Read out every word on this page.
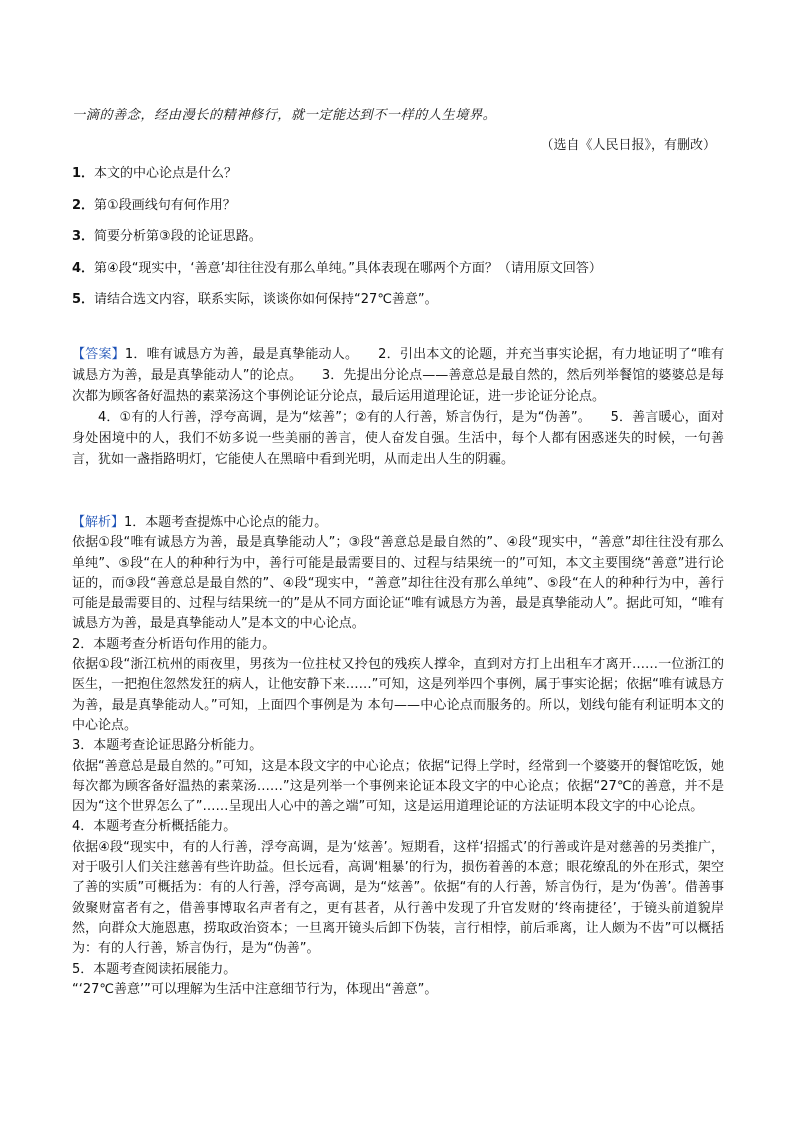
一滴的善念，经由漫长的精神修行，就一定能达到不一样的人生境界。
（选自《人民日报》，有删改）
1．本文的中心论点是什么？
2．第①段画线句有何作用？
3．简要分析第③段的论证思路。
4．第④段“现实中，‘善意’却往往没有那么单纯。”具体表现在哪两个方面？（请用原文回答）
5．请结合选文内容，联系实际，谈谈你如何保持“27℃善意”。

【答案】1．唯有诚恳方为善，最是真挚能动人。　　2．引出本文的论题，并充当事实论据，有力地证明了“唯有诚恳方为善，最是真挚能动人”的论点。　　3．先提出分论点——善意总是最自然的，然后列举餐馆的婆婆总是每次都为顾客备好温热的素菜汤这个事例论证分论点，最后运用道理论证，进一步论证分论点。

4．①有的人行善，浮夸高调，是为“炫善”；②有的人行善，矫言伪行，是为“伪善”。　　5．善言暖心，面对身处困境中的人，我们不妨多说一些美丽的善言，使人奋发自强。生活中，每个人都有困惑迷失的时候，一句善言，犹如一盏指路明灯，它能使人在黑暗中看到光明，从而走出人生的阴霾。

【解析】1．本题考查提炼中心论点的能力。

依据①段“唯有诚恳方为善，最是真挚能动人”；③段“善意总是最自然的”、④段“现实中，“善意”却往往没有那么单纯”、⑤段“在人的种种行为中，善行可能是最需要目的、过程与结果统一的”可知，本文主要围绕“善意”进行论证的，而③段“善意总是最自然的”、④段“现实中，“善意”却往往没有那么单纯”、⑤段“在人的种种行为中，善行可能是最需要目的、过程与结果统一的”是从不同方面论证“唯有诚恳方为善，最是真挚能动人”。据此可知，“唯有诚恳方为善，最是真挚能动人”是本文的中心论点。

2．本题考查分析语句作用的能力。

依据①段“浙江杭州的雨夜里，男孩为一位拄杖又拎包的残疾人撑伞，直到对方打上出租车才离开……一位浙江的医生，一把抱住忽然发狂的病人，让他安静下来……”可知，这是列举四个事例，属于事实论据；依据“唯有诚恳方为善，最是真挚能动人。”可知，上面四个事例是为 本句——中心论点而服务的。所以，划线句能有利证明本文的中心论点。

3．本题考查论证思路分析能力。

依据“善意总是最自然的。”可知，这是本段文字的中心论点；依据“记得上学时，经常到一个婆婆开的餐馆吃饭，她每次都为顾客备好温热的素菜汤……”这是列举一个事例来论证本段文字的中心论点；依据“27℃的善意，并不是因为“这个世界怎么了”……呈现出人心中的善之端”可知，这是运用道理论证的方法证明本段文字的中心论点。

4．本题考查分析概括能力。

依据④段“现实中，有的人行善，浮夸高调，是为‘炫善’。短期看，这样‘招摇式’的行善或许是对慈善的另类推广，对于吸引人们关注慈善有些许助益。但长远看，高调‘粗暴’的行为，损伤着善的本意；眼花缭乱的外在形式，架空了善的实质”可概括为：有的人行善，浮夸高调，是为“炫善”。依据“有的人行善，矫言伪行，是为‘伪善’。借善事敛聚财富者有之，借善事博取名声者有之，更有甚者，从行善中发现了升官发财的‘终南捷径’，于镜头前道貌岸然，向群众大施恩惠，捞取政治资本；一旦离开镜头后卸下伪装，言行相悖，前后乖离，让人颇为不齿”可以概括为：有的人行善，矫言伪行，是为“伪善”。

5．本题考查阅读拓展能力。

“‘27℃善意’”可以理解为生活中注意细节行为，体现出“善意”。
